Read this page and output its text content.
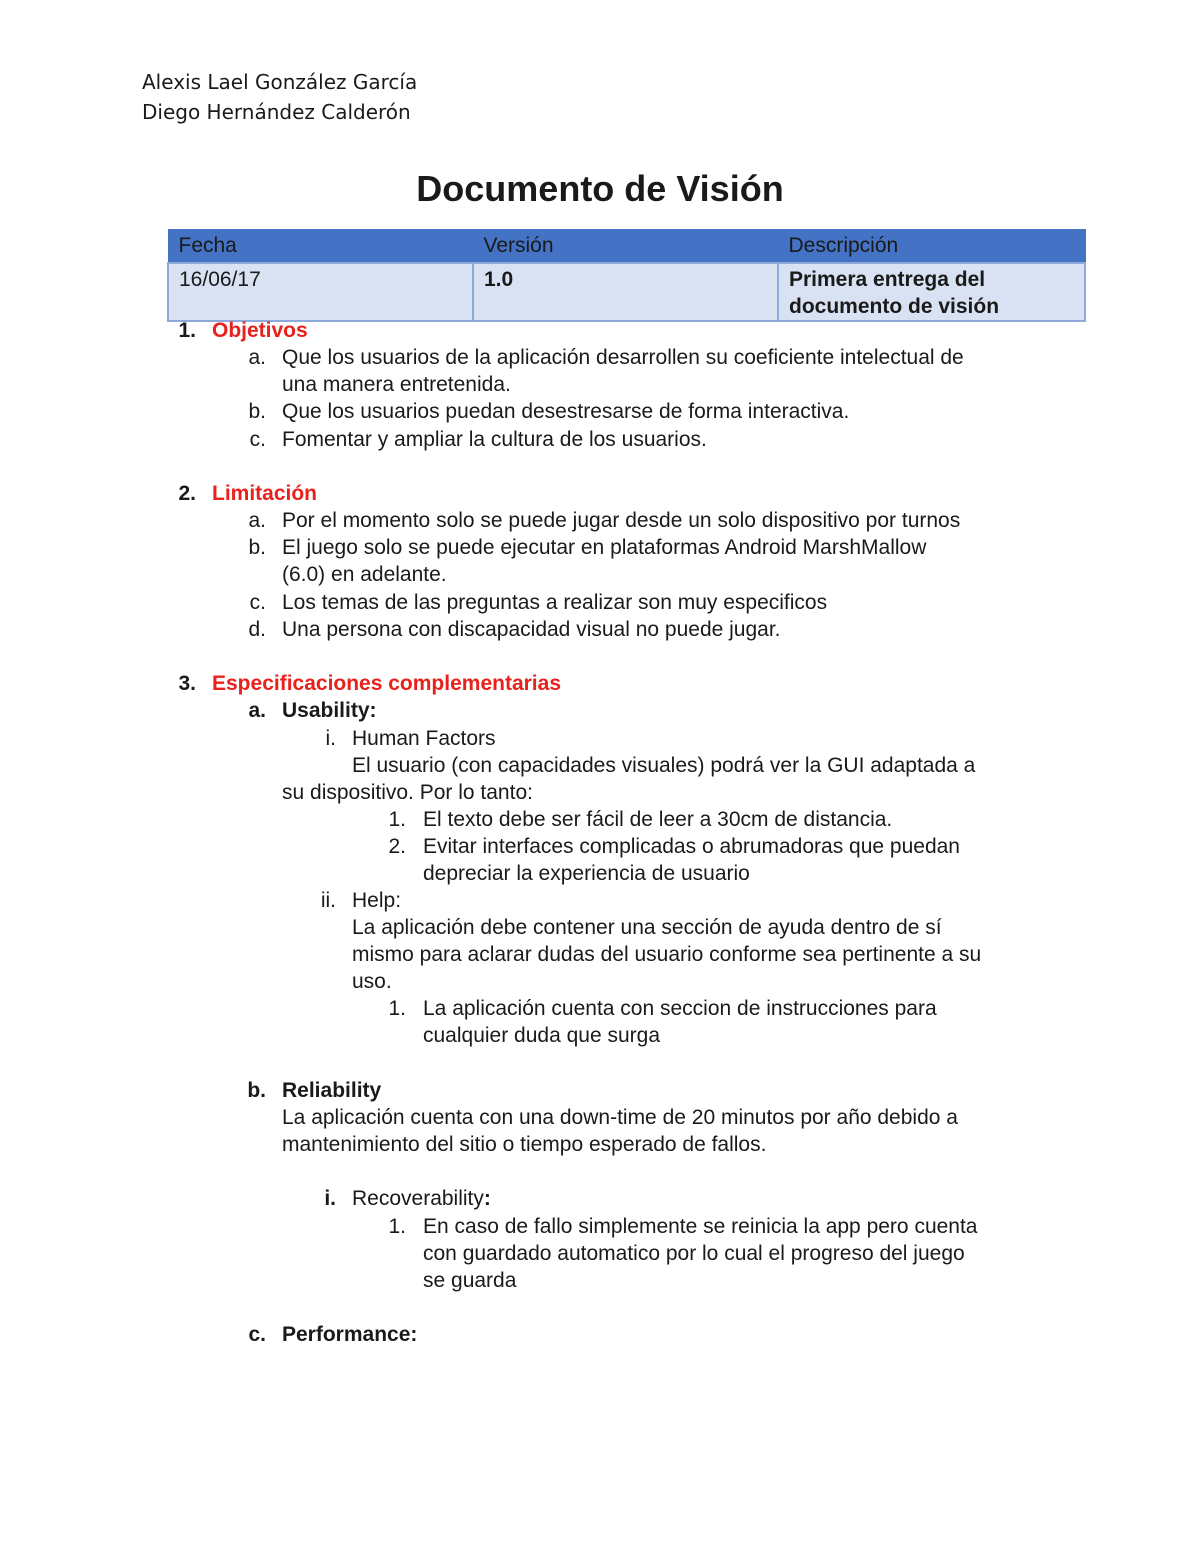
Alexis Lael González García
Diego Hernández Calderón
Documento de Visión
Fecha	Versión	Descripción
16/06/17	1.0	Primera entrega del
documento de visión
1. Objetivos
a. Que los usuarios de la aplicación desarrollen su coeficiente intelectual de
una manera entretenida.
b. Que los usuarios puedan desestresarse de forma interactiva.
c. Fomentar y ampliar la cultura de los usuarios.
2. Limitación
a. Por el momento solo se puede jugar desde un solo dispositivo por turnos
b. El juego solo se puede ejecutar en plataformas Android MarshMallow
(6.0) en adelante.
c. Los temas de las preguntas a realizar son muy especificos
d. Una persona con discapacidad visual no puede jugar.
3. Especificaciones complementarias
a. Usability:
i. Human Factors
El usuario (con capacidades visuales) podrá ver la GUI adaptada a
su dispositivo. Por lo tanto:
1. El texto debe ser fácil de leer a 30cm de distancia.
2. Evitar interfaces complicadas o abrumadoras que puedan
depreciar la experiencia de usuario
ii. Help:
La aplicación debe contener una sección de ayuda dentro de sí
mismo para aclarar dudas del usuario conforme sea pertinente a su
uso.
1. La aplicación cuenta con seccion de instrucciones para
cualquier duda que surga
b. Reliability
La aplicación cuenta con una down-time de 20 minutos por año debido a
mantenimiento del sitio o tiempo esperado de fallos.
i. Recoverability:
1. En caso de fallo simplemente se reinicia la app pero cuenta
con guardado automatico por lo cual el progreso del juego
se guarda
c. Performance:
